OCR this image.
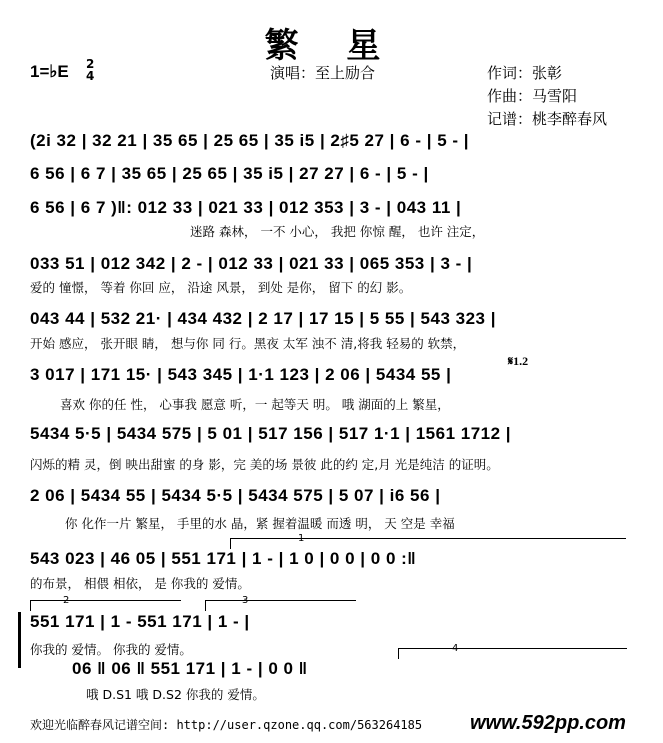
繁 星
1=♭E 2
4	演唱：至上励合	作词：张彰
作曲：马雪阳
记谱：桃李醉春风
(2i 32 | 32 21 | 35 65 | 25 65 | 35 i5 | 2♯5 27 | 6 - | 5 - |
6 56 | 6 7 | 35 65 | 25 65 | 35 i5 | 27 27 | 6 - | 5 - |
6 56 | 6 7 )‖: 012 33 | 021 33 | 012 353 | 3 - | 043 11 |
迷路 森林， 一不 小心， 我把 你惊 醒， 也许 注定，
033 51 | 012 342 | 2 - | 012 33 | 021 33 | 065 353 | 3 - |
爱的 憧憬， 等着 你回 应， 沿途 风景， 到处 是你， 留下 的幻 影。
043 44 | 532 21· | 434 432 | 2 17 | 17 15 | 5 55 | 543 323 |
开始 感应， 张开眼 睛， 想与你 同 行。黑夜 太军 浊不 清,将我 轻易的 软禁，
3 017 | 171 15· | 543 345 | 1·1 123 | 2 06 | 5434 55 |
喜欢 你的任 性， 心事我 愿意 听，一 起等天 明。 哦 湖面的上 繁星，
𝄋1.2
5434 5·5 | 5434 575 | 5 01 | 517 156 | 517 1·1 | 1561 1712 |
闪烁的精 灵，倒 映出甜蜜 的身 影，完 美的场 景彼 此的约 定,月 光是纯洁 的证明。
2 06 | 5434 55 | 5434 5·5 | 5434 575 | 5 07 | i6 56 |
你 化作一片 繁星， 手里的水 晶，紧 握着温暖 而透 明， 天 空是 幸福
543 023 | 46 05 | 551 171 | 1 - | 1 0 | 0 0 | 0 0 :‖
的布景， 相偎 相依， 是 你我的 爱情。
1
2	3
551 171 | 1 - 551 171 | 1 - |
你我的 爱情。 你我的 爱情。	4
06 ‖ 06 ‖ 551 171 | 1 - | 0 0 ‖
哦 D.S1 哦 D.S2 你我的 爱情。
欢迎光临醉春风记谱空间: http://user.qzone.qq.com/563264185 www.592pp.com
